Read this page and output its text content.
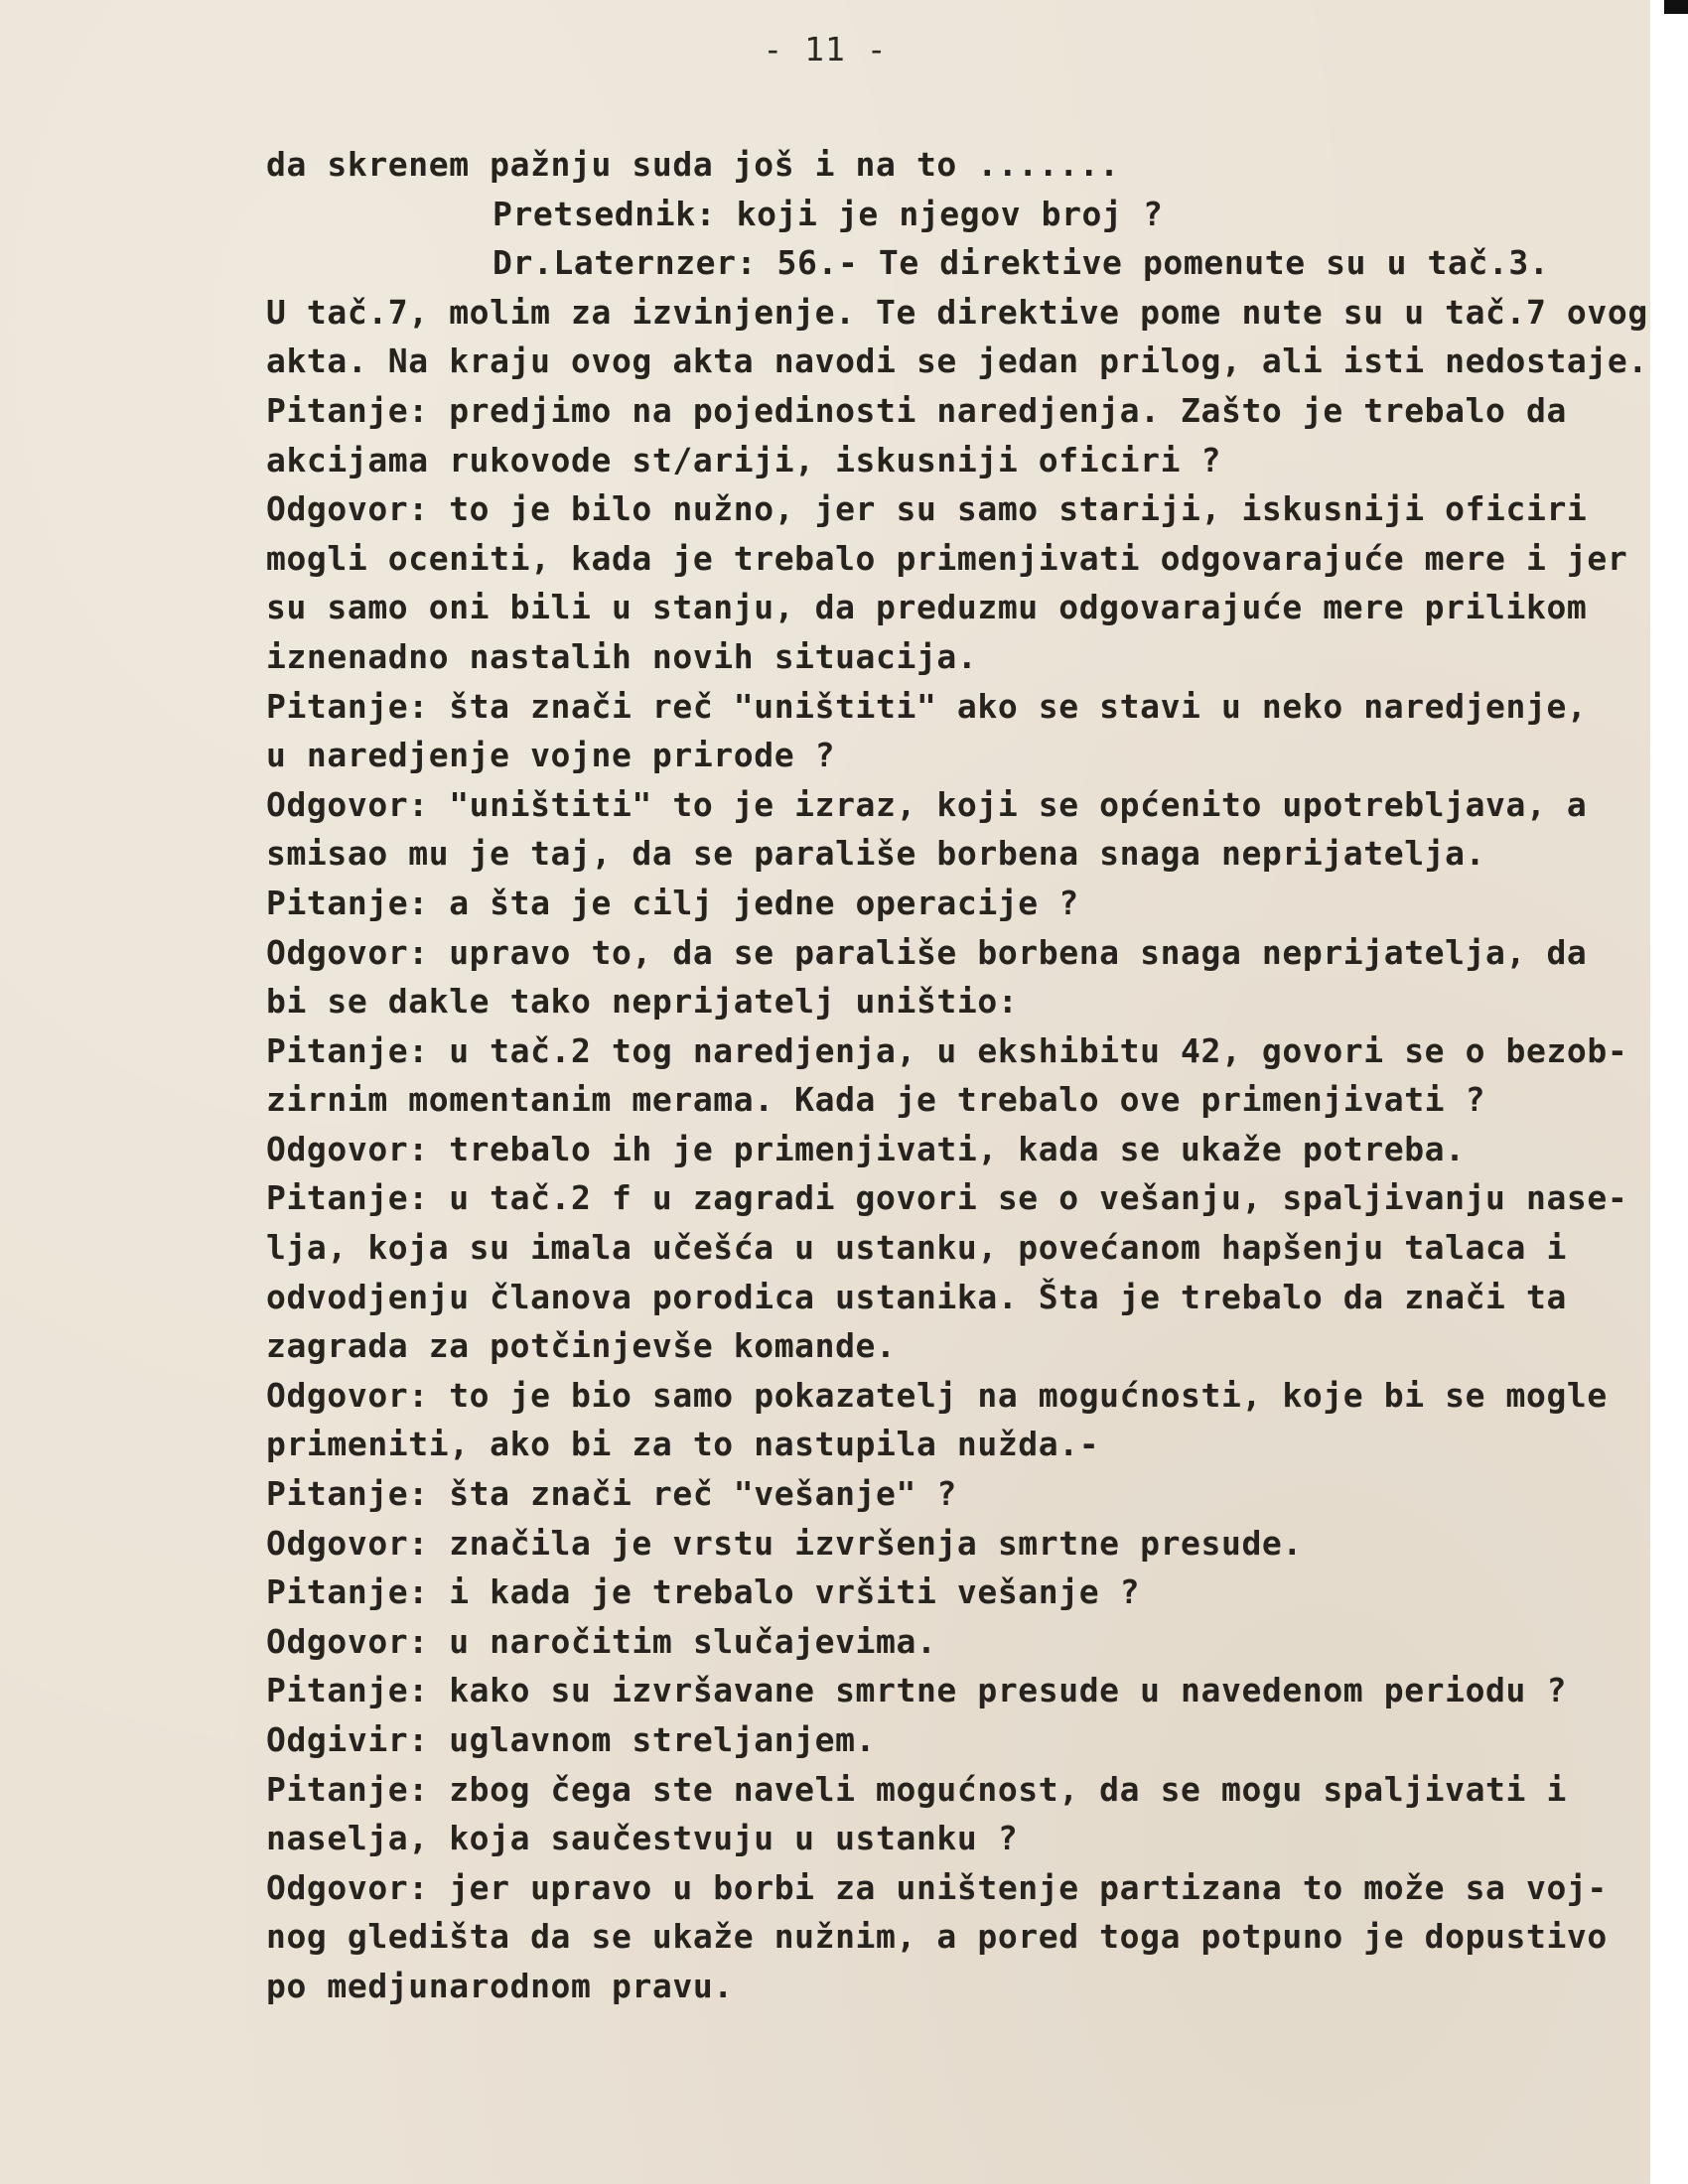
- 11 -
da skrenem pažnju suda još i na to .......
Pretsednik: koji je njegov broj ?
Dr.Laternzer: 56.- Te direktive pomenute su u tač.3.
U tač.7, molim za izvinjenje. Te direktive pome nute su u tač.7 ovog
akta. Na kraju ovog akta navodi se jedan prilog, ali isti nedostaje.
Pitanje: predjimo na pojedinosti naredjenja. Zašto je trebalo da
akcijama rukovode st/ariji, iskusniji oficiri ?
Odgovor: to je bilo nužno, jer su samo stariji, iskusniji oficiri
mogli oceniti, kada je trebalo primenjivati odgovarajuće mere i jer
su samo oni bili u stanju, da preduzmu odgovarajuće mere prilikom
iznenadno nastalih novih situacija.
Pitanje: šta znači reč "uništiti" ako se stavi u neko naredjenje,
u naredjenje vojne prirode ?
Odgovor: "uništiti" to je izraz, koji se općenito upotrebljava, a
smisao mu je taj, da se parališe borbena snaga neprijatelja.
Pitanje: a šta je cilj jedne operacije ?
Odgovor: upravo to, da se parališe borbena snaga neprijatelja, da
bi se dakle tako neprijatelj uništio:
Pitanje: u tač.2 tog naredjenja, u ekshibitu 42, govori se o bezob-
zirnim momentanim merama. Kada je trebalo ove primenjivati ?
Odgovor: trebalo ih je primenjivati, kada se ukaže potreba.
Pitanje: u tač.2 f u zagradi govori se o vešanju, spaljivanju nase-
lja, koja su imala učešća u ustanku, povećanom hapšenju talaca i
odvodjenju članova porodica ustanika. Šta je trebalo da znači ta
zagrada za potčinjevše komande.
Odgovor: to je bio samo pokazatelj na mogućnosti, koje bi se mogle
primeniti, ako bi za to nastupila nužda.-
Pitanje: šta znači reč "vešanje" ?
Odgovor: značila je vrstu izvršenja smrtne presude.
Pitanje: i kada je trebalo vršiti vešanje ?
Odgovor: u naročitim slučajevima.
Pitanje: kako su izvršavane smrtne presude u navedenom periodu ?
Odgivir: uglavnom streljanjem.
Pitanje: zbog čega ste naveli mogućnost, da se mogu spaljivati i
naselja, koja saučestvuju u ustanku ?
Odgovor: jer upravo u borbi za uništenje partizana to može sa voj-
nog gledišta da se ukaže nužnim, a pored toga potpuno je dopustivo
po medjunarodnom pravu.
